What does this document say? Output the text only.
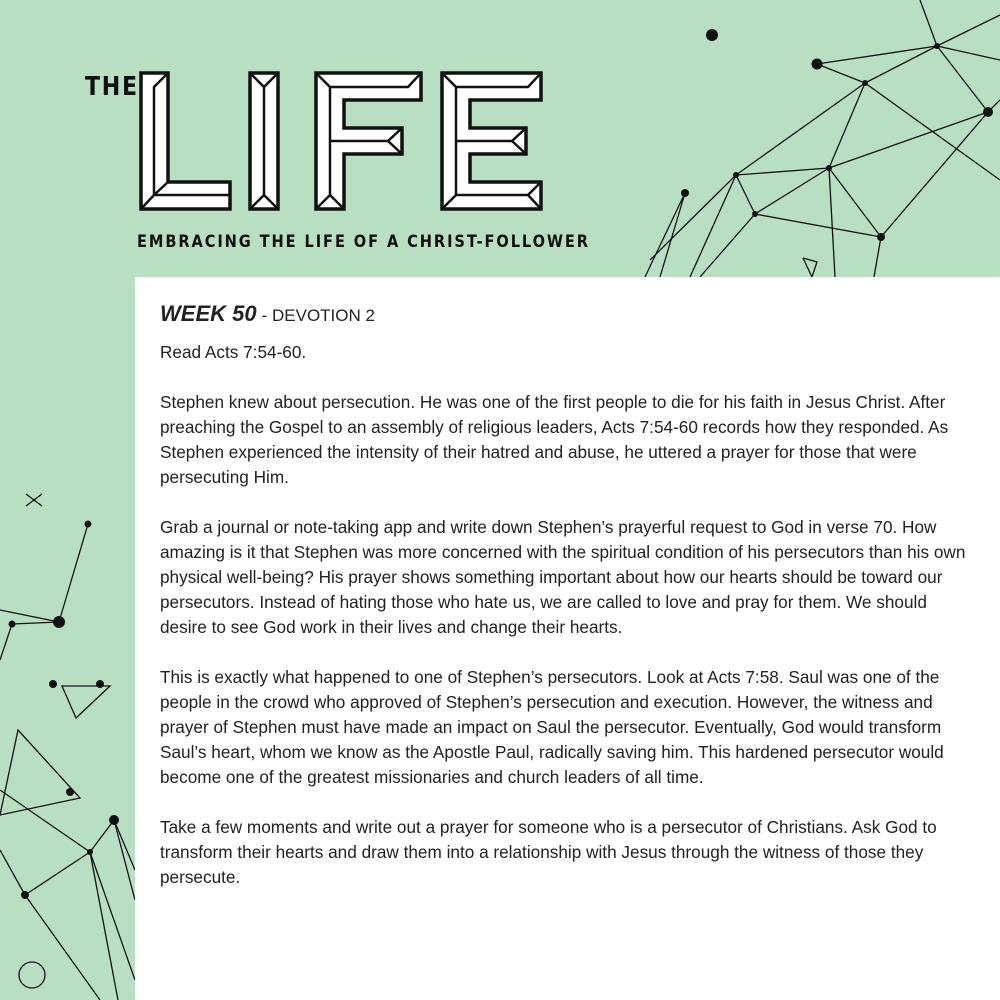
THE
EMBRACING THE LIFE OF A CHRIST-FOLLOWER
WEEK 50 - DEVOTION 2

Read Acts 7:54-60.

Stephen knew about persecution. He was one of the first people to die for his faith in Jesus Christ. After preaching the Gospel to an assembly of religious leaders, Acts 7:54-60 records how they responded. As Stephen experienced the intensity of their hatred and abuse, he uttered a prayer for those that were persecuting Him.

Grab a journal or note-taking app and write down Stephen’s prayerful request to God in verse 70. How amazing is it that Stephen was more concerned with the spiritual condition of his persecutors than his own physical well-being? His prayer shows something important about how our hearts should be toward our persecutors. Instead of hating those who hate us, we are called to love and pray for them. We should desire to see God work in their lives and change their hearts.

This is exactly what happened to one of Stephen’s persecutors. Look at Acts 7:58. Saul was one of the people in the crowd who approved of Stephen’s persecution and execution. However, the witness and prayer of Stephen must have made an impact on Saul the persecutor. Eventually, God would transform Saul’s heart, whom we know as the Apostle Paul, radically saving him. This hardened persecutor would become one of the greatest missionaries and church leaders of all time.

Take a few moments and write out a prayer for someone who is a persecutor of Christians. Ask God to transform their hearts and draw them into a relationship with Jesus through the witness of those they persecute.
